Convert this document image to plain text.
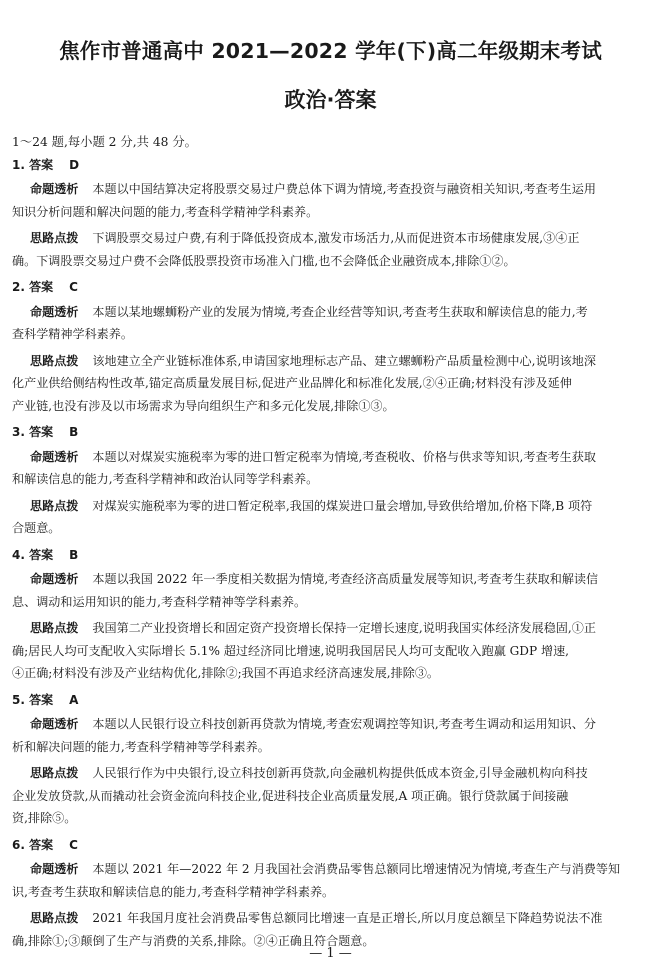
焦作市普通高中 2021—2022 学年(下)高二年级期末考试
政治·答案
1～24 题,每小题 2 分,共 48 分。
1. 答案 D
命题透析 本题以中国结算决定将股票交易过户费总体下调为情境,考查投资与融资相关知识,考查考生运用
知识分析问题和解决问题的能力,考查科学精神学科素养。
思路点拨 下调股票交易过户费,有利于降低投资成本,激发市场活力,从而促进资本市场健康发展,③④正
确。下调股票交易过户费不会降低股票投资市场准入门槛,也不会降低企业融资成本,排除①②。
2. 答案 C
命题透析 本题以某地螺蛳粉产业的发展为情境,考查企业经营等知识,考查考生获取和解读信息的能力,考
查科学精神学科素养。
思路点拨 该地建立全产业链标准体系,申请国家地理标志产品、建立螺蛳粉产品质量检测中心,说明该地深
化产业供给侧结构性改革,锚定高质量发展目标,促进产业品牌化和标准化发展,②④正确;材料没有涉及延伸
产业链,也没有涉及以市场需求为导向组织生产和多元化发展,排除①③。
3. 答案 B
命题透析 本题以对煤炭实施税率为零的进口暂定税率为情境,考查税收、价格与供求等知识,考查考生获取
和解读信息的能力,考查科学精神和政治认同等学科素养。
思路点拨 对煤炭实施税率为零的进口暂定税率,我国的煤炭进口量会增加,导致供给增加,价格下降,B 项符
合题意。
4. 答案 B
命题透析 本题以我国 2022 年一季度相关数据为情境,考查经济高质量发展等知识,考查考生获取和解读信
息、调动和运用知识的能力,考查科学精神等学科素养。
思路点拨 我国第二产业投资增长和固定资产投资增长保持一定增长速度,说明我国实体经济发展稳固,①正
确;居民人均可支配收入实际增长 5.1% 超过经济同比增速,说明我国居民人均可支配收入跑赢 GDP 增速,
④正确;材料没有涉及产业结构优化,排除②;我国不再追求经济高速发展,排除③。
5. 答案 A
命题透析 本题以人民银行设立科技创新再贷款为情境,考查宏观调控等知识,考查考生调动和运用知识、分
析和解决问题的能力,考查科学精神等学科素养。
思路点拨 人民银行作为中央银行,设立科技创新再贷款,向金融机构提供低成本资金,引导金融机构向科技
企业发放贷款,从而撬动社会资金流向科技企业,促进科技企业高质量发展,A 项正确。银行贷款属于间接融
资,排除⑤。
6. 答案 C
命题透析 本题以 2021 年—2022 年 2 月我国社会消费品零售总额同比增速情况为情境,考查生产与消费等知
识,考查考生获取和解读信息的能力,考查科学精神学科素养。
思路点拨 2021 年我国月度社会消费品零售总额同比增速一直是正增长,所以月度总额呈下降趋势说法不准
确,排除①;③颠倒了生产与消费的关系,排除。②④正确且符合题意。
— 1 —
